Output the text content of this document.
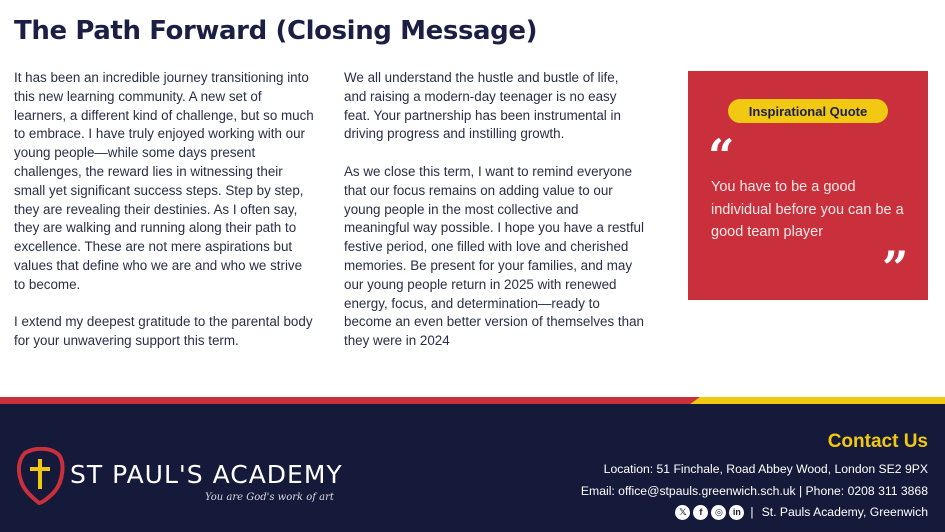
The Path Forward (Closing Message)

It has been an incredible journey transitioning into this new learning community. A new set of learners, a different kind of challenge, but so much to embrace. I have truly enjoyed working with our young people—while some days present challenges, the reward lies in witnessing their small yet significant success steps. Step by step, they are revealing their destinies. As I often say, they are walking and running along their path to excellence. These are not mere aspirations but values that define who we are and who we strive to become.

I extend my deepest gratitude to the parental body for your unwavering support this term.

We all understand the hustle and bustle of life, and raising a modern-day teenager is no easy feat. Your partnership has been instrumental in driving progress and instilling growth.

As we close this term, I want to remind everyone that our focus remains on adding value to our young people in the most collective and meaningful way possible. I hope you have a restful festive period, one filled with love and cherished memories. Be present for your families, and may our young people return in 2025 with renewed energy, focus, and determination—ready to become an even better version of themselves than they were in 2024

Inspirational Quote
“
You have to be a good individual before you can be a good team player
”
ST PAUL'S ACADEMY
You are God's work of art
Contact Us
Location: 51 Finchale, Road Abbey Wood, London SE2 9PX
Email: office@stpauls.greenwich.sch.uk | Phone: 0208 311 3868
𝕏	f	◎	in | St. Pauls Academy, Greenwich
